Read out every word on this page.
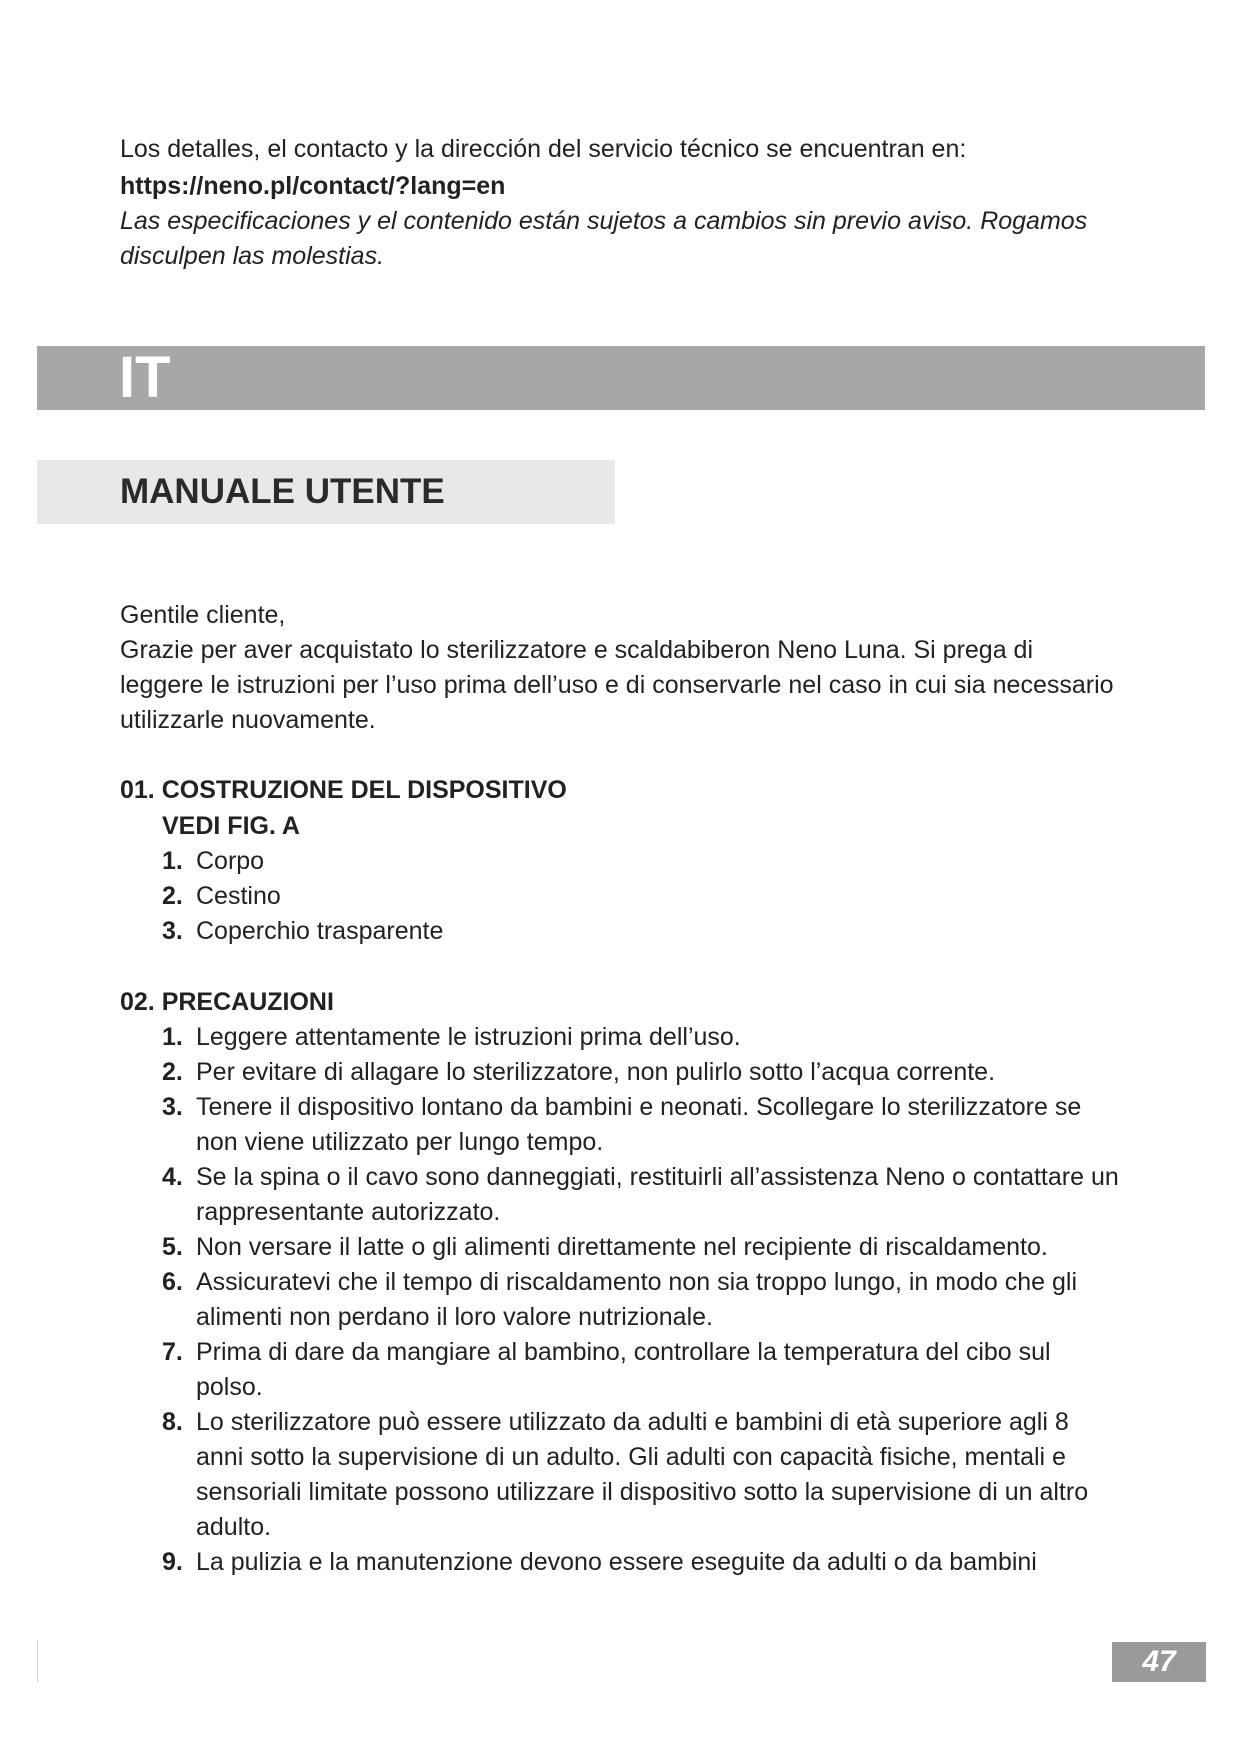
Los detalles, el contacto y la dirección del servicio técnico se encuentran en:
https://neno.pl/contact/?lang=en
Las especificaciones y el contenido están sujetos a cambios sin previo aviso. Rogamos disculpen las molestias.
IT
MANUALE UTENTE

Gentile cliente,

Grazie per aver acquistato lo sterilizzatore e scaldabiberon Neno Luna. Si prega di leggere le istruzioni per l’uso prima dell’uso e di conservarle nel caso in cui sia necessario utilizzarle nuovamente.

01. COSTRUZIONE DEL DISPOSITIVO
VEDI FIG. A
1. Corpo
2. Cestino
3. Coperchio trasparente
02. PRECAUZIONI
1. Leggere attentamente le istruzioni prima dell’uso.
2. Per evitare di allagare lo sterilizzatore, non pulirlo sotto l’acqua corrente.
3. Tenere il dispositivo lontano da bambini e neonati. Scollegare lo sterilizzatore se non viene utilizzato per lungo tempo.
4. Se la spina o il cavo sono danneggiati, restituirli all’assistenza Neno o contattare un rappresentante autorizzato.
5. Non versare il latte o gli alimenti direttamente nel recipiente di riscaldamento.
6. Assicuratevi che il tempo di riscaldamento non sia troppo lungo, in modo che gli alimenti non perdano il loro valore nutrizionale.
7. Prima di dare da mangiare al bambino, controllare la temperatura del cibo sul polso.
8. Lo sterilizzatore può essere utilizzato da adulti e bambini di età superiore agli 8 anni sotto la supervisione di un adulto. Gli adulti con capacità fisiche, mentali e sensoriali limitate possono utilizzare il dispositivo sotto la supervisione di un altro adulto.
9. La pulizia e la manutenzione devono essere eseguite da adulti o da bambini
47
